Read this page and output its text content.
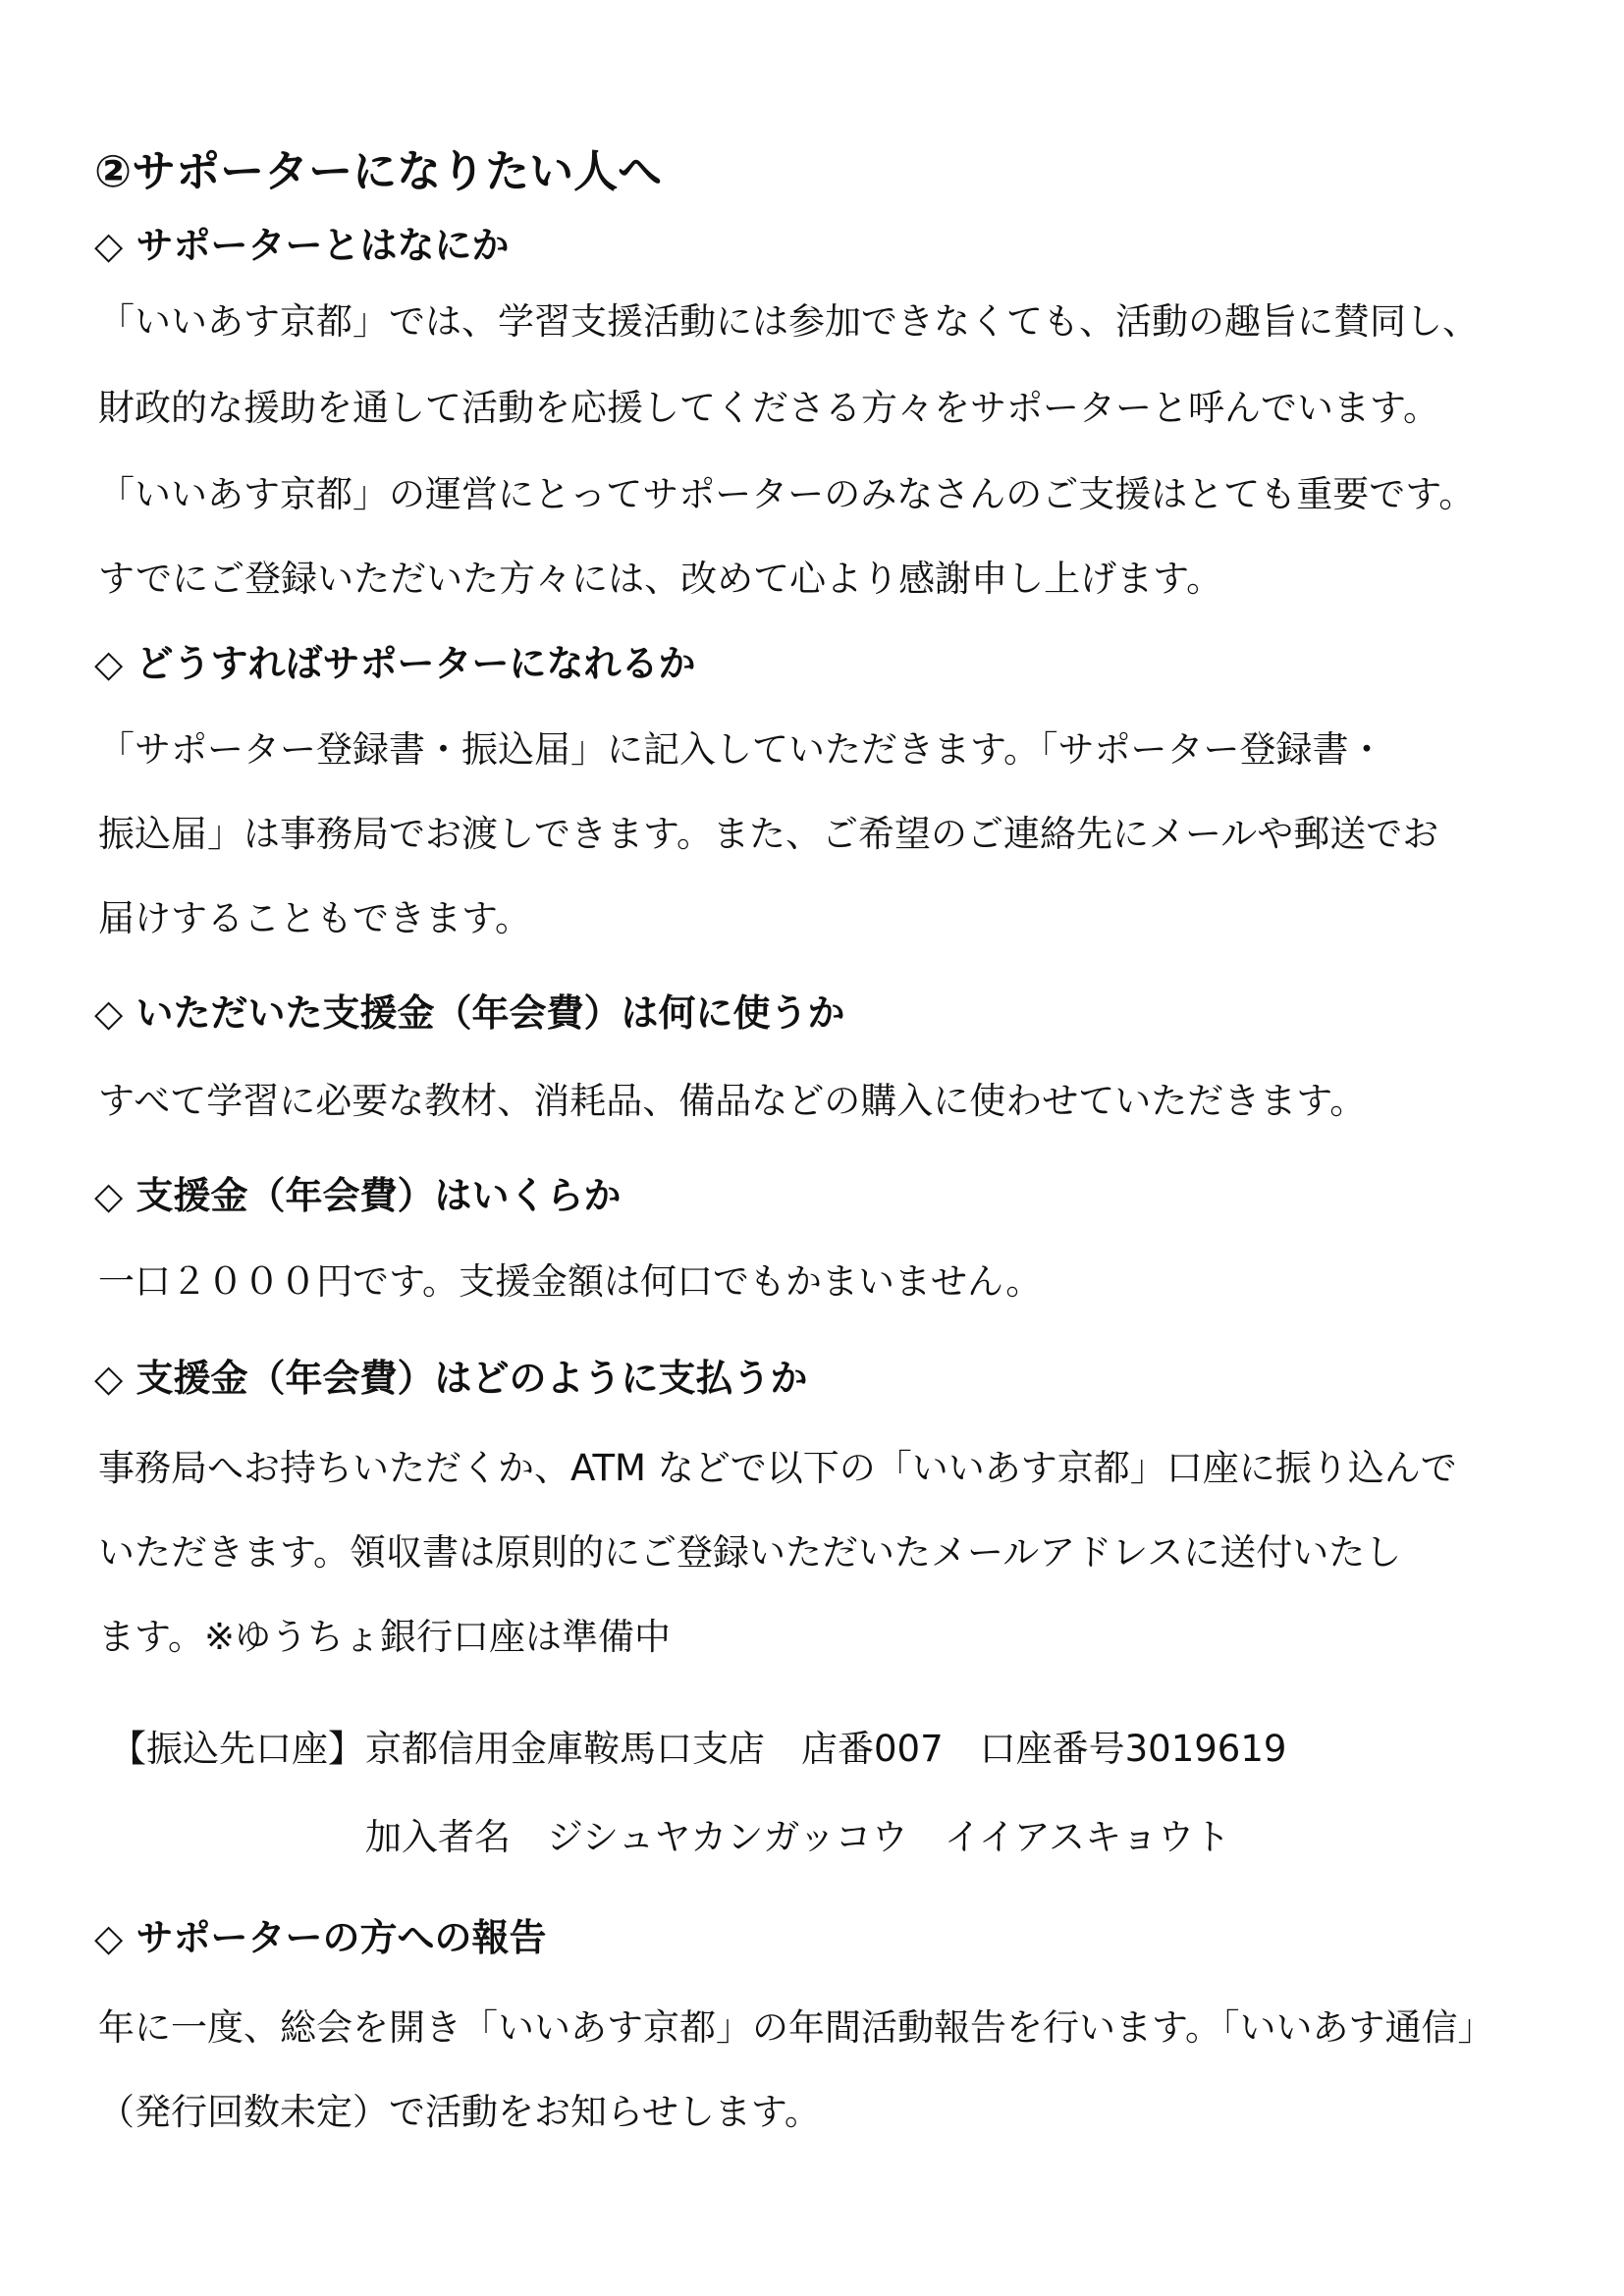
②サポーターになりたい人へ
◇ サポーターとはなにか

「いいあす京都」では、学習支援活動には参加できなくても、活動の趣旨に賛同し、

財政的な援助を通して活動を応援してくださる方々をサポーターと呼んでいます。

「いいあす京都」の運営にとってサポーターのみなさんのご支援はとても重要です。

すでにご登録いただいた方々には、改めて心より感謝申し上げます。

◇ どうすればサポーターになれるか

「サポーター登録書・振込届」に記入していただきます。「サポーター登録書・

振込届」は事務局でお渡しできます。また、ご希望のご連絡先にメールや郵送でお

届けすることもできます。

◇ いただいた支援金（年会費）は何に使うか

すべて学習に必要な教材、消耗品、備品などの購入に使わせていただきます。

◇ 支援金（年会費）はいくらか

一口２０００円です。支援金額は何口でもかまいません。

◇ 支援金（年会費）はどのように支払うか

事務局へお持ちいただくか、ATM などで以下の「いいあす京都」口座に振り込んで

いただきます。領収書は原則的にご登録いただいたメールアドレスに送付いたし

ます。※ゆうちょ銀行口座は準備中

【振込先口座】 京都信用金庫鞍馬口支店　店番007　口座番号3019619

加入者名　ジシュヤカンガッコウ　イイアスキョウト

◇ サポーターの方への報告

年に一度、総会を開き「いいあす京都」の年間活動報告を行います。「いいあす通信」

（発行回数未定）で活動をお知らせします。
